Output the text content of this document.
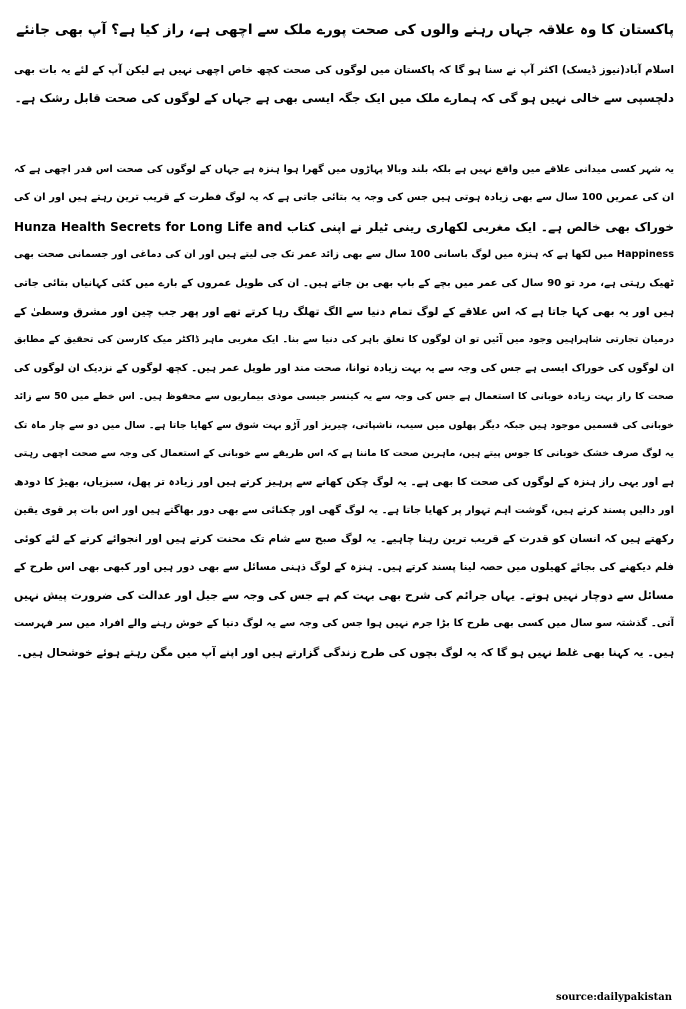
پاکستان کا وہ علاقہ جہاں رہنے والوں کی صحت پورے ملک سے اچھی ہے، راز کیا ہے؟ آپ بھی جانئے
اسلام آباد(نیوز ڈیسک) اکثر آپ نے سنا ہو گا کہ پاکستان میں لوگوں کی صحت کچھ خاص اچھی نہیں ہے لیکن آپ کے لئے یہ بات بھی
دلچسپی سے خالی نہیں ہو گی کہ ہمارے ملک میں ایک جگہ ایسی بھی ہے جہاں کے لوگوں کی صحت قابل رشک ہے۔
یہ شہر کسی میدانی علاقے میں واقع نہیں ہے بلکہ بلند وبالا پہاڑوں میں گھرا ہوا ہنزہ ہے جہاں کے لوگوں کی صحت اس قدر اچھی ہے کہ
ان کی عمریں 100 سال سے بھی زیادہ ہوتی ہیں جس کی وجہ یہ بتائی جاتی ہے کہ یہ لوگ فطرت کے قریب ترین رہتے ہیں اور ان کی
خوراک بھی خالص ہے۔ ایک مغربی لکھاری رینی ٹیلر نے اپنی کتاب Hunza Health Secrets for Long Life and
Happiness میں لکھا ہے کہ ہنزہ میں لوگ باسانی 100 سال سے بھی زائد عمر تک جی لیتے ہیں اور ان کی دماغی اور جسمانی صحت بھی
ٹھیک رہتی ہے، مرد تو 90 سال کی عمر میں بچے کے باپ بھی بن جاتے ہیں۔ ان کی طویل عمروں کے بارے میں کئی کہانیاں بتائی جاتی
ہیں اور یہ بھی کہا جاتا ہے کہ اس علاقے کے لوگ تمام دنیا سے الگ تھلگ رہا کرتے تھے اور پھر جب چین اور مشرق وسطیٰ کے
درمیان تجارتی شاہراہیں وجود میں آئیں تو ان لوگوں کا تعلق باہر کی دنیا سے بنا۔ ایک مغربی ماہر ڈاکٹر میک کارسن کی تحقیق کے مطابق
ان لوگوں کی خوراک ایسی ہے جس کی وجہ سے یہ بہت زیادہ توانا، صحت مند اور طویل عمر ہیں۔ کچھ لوگوں کے نزدیک ان لوگوں کی
صحت کا راز بہت زیادہ خوبانی کا استعمال ہے جس کی وجہ سے یہ کینسر جیسی موذی بیماریوں سے محفوظ ہیں۔ اس خطے میں 50 سے زائد
خوبانی کی قسمیں موجود ہیں جبکہ دیگر پھلوں میں سیب، ناشپاتی، چیریز اور آڑو بہت شوق سے کھایا جاتا ہے۔ سال میں دو سے چار ماہ تک
یہ لوگ صرف خشک خوبانی کا جوس پیتے ہیں، ماہرین صحت کا ماننا ہے کہ اس طریقے سے خوبانی کے استعمال کی وجہ سے صحت اچھی رہتی
ہے اور یہی راز ہنزہ کے لوگوں کی صحت کا بھی ہے۔ یہ لوگ چکن کھانے سے پرہیز کرتے ہیں اور زیادہ تر پھل، سبزیاں، بھیڑ کا دودھ
اور دالیں پسند کرتے ہیں، گوشت اہم تہوار پر کھایا جاتا ہے۔ یہ لوگ گھی اور چکنائی سے بھی دور بھاگتے ہیں اور اس بات پر قوی یقین
رکھتے ہیں کہ انسان کو قدرت کے قریب ترین رہنا چاہیے۔ یہ لوگ صبح سے شام تک محنت کرتے ہیں اور انجوائے کرنے کے لئے کوئی
فلم دیکھنے کی بجائے کھیلوں میں حصہ لینا پسند کرتے ہیں۔ ہنزہ کے لوگ ذہنی مسائل سے بھی دور ہیں اور کبھی بھی اس طرح کے
مسائل سے دوچار نہیں ہوتے۔ یہاں جرائم کی شرح بھی بہت کم ہے جس کی وجہ سے جیل اور عدالت کی ضرورت پیش نہیں
آتی۔ گذشتہ سو سال میں کسی بھی طرح کا بڑا جرم نہیں ہوا جس کی وجہ سے یہ لوگ دنیا کے خوش رہنے والے افراد میں سر فہرست
ہیں۔ یہ کہنا بھی غلط نہیں ہو گا کہ یہ لوگ بچوں کی طرح زندگی گزارتے ہیں اور اپنے آپ میں مگن رہتے ہوئے خوشحال ہیں۔
source:dailypakistan
